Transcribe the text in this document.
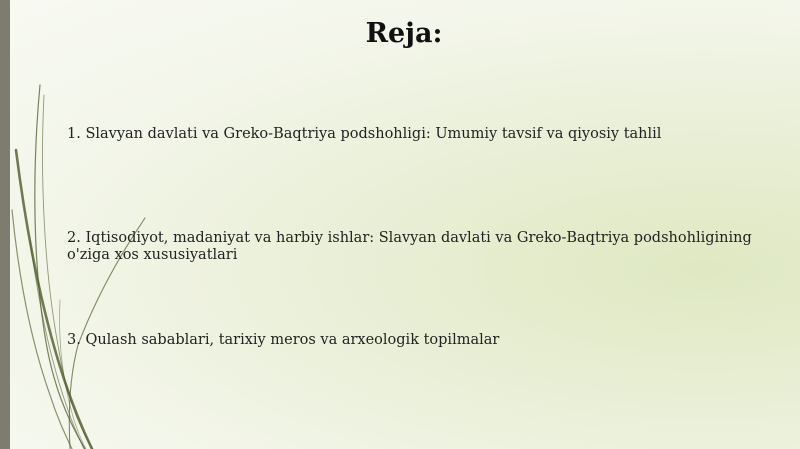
Reja:

1. Slavyan davlati va Greko-Baqtriya podshohligi: Umumiy tavsif va qiyosiy tahlil

2. Iqtisodiyot, madaniyat va harbiy ishlar: Slavyan davlati va Greko-Baqtriya podshohligining o'ziga xos xususiyatlari

3. Qulash sabablari, tarixiy meros va arxeologik topilmalar
